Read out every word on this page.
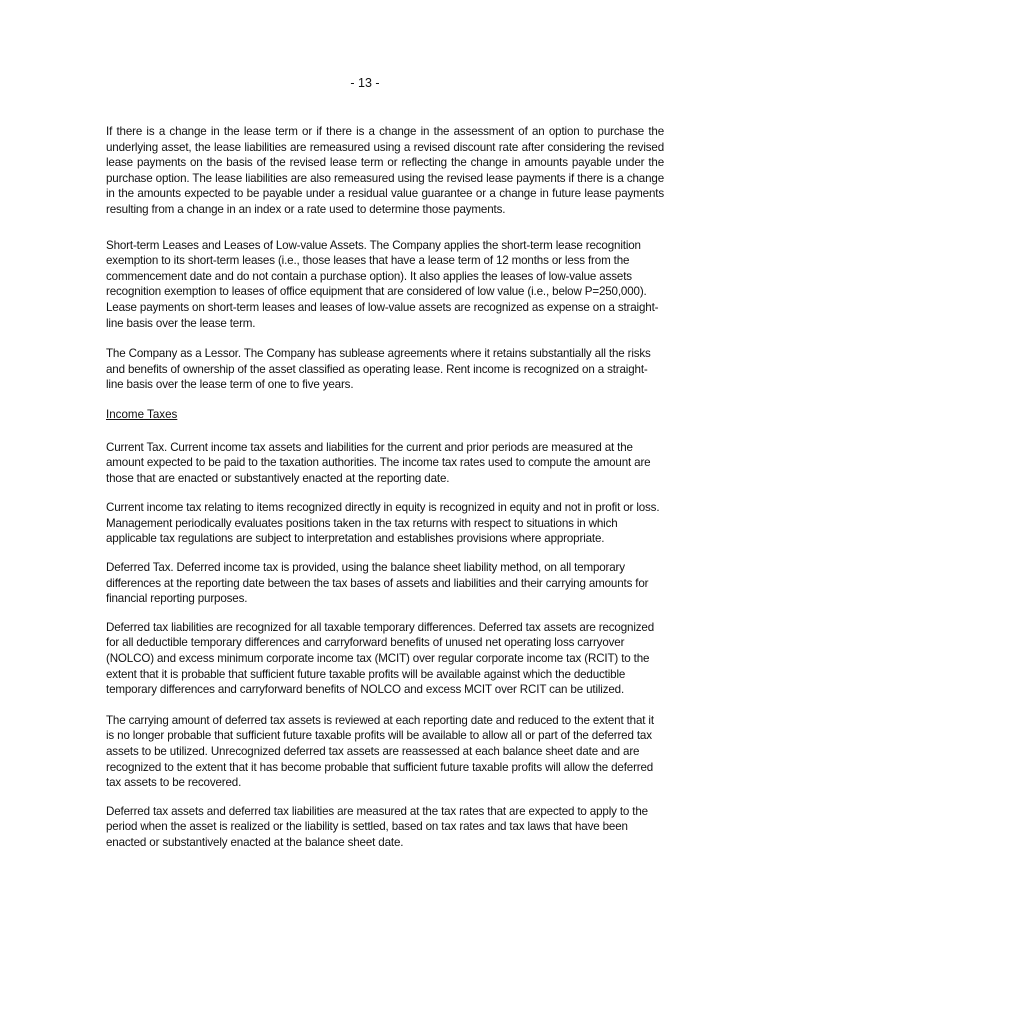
- 13 -

If there is a change in the lease term or if there is a change in the assessment of an option to purchase the underlying asset, the lease liabilities are remeasured using a revised discount rate after considering the revised lease payments on the basis of the revised lease term or reflecting the change in amounts payable under the purchase option. The lease liabilities are also remeasured using the revised lease payments if there is a change in the amounts expected to be payable under a residual value guarantee or a change in future lease payments resulting from a change in an index or a rate used to determine those payments.

Short-term Leases and Leases of Low-value Assets. The Company applies the short-term lease recognition exemption to its short-term leases (i.e., those leases that have a lease term of 12 months or less from the commencement date and do not contain a purchase option). It also applies the leases of low-value assets recognition exemption to leases of office equipment that are considered of low value (i.e., below P=250,000). Lease payments on short-term leases and leases of low-value assets are recognized as expense on a straight-line basis over the lease term.

The Company as a Lessor. The Company has sublease agreements where it retains substantially all the risks and benefits of ownership of the asset classified as operating lease. Rent income is recognized on a straight-line basis over the lease term of one to five years.

Income Taxes

Current Tax. Current income tax assets and liabilities for the current and prior periods are measured at the amount expected to be paid to the taxation authorities. The income tax rates used to compute the amount are those that are enacted or substantively enacted at the reporting date.

Current income tax relating to items recognized directly in equity is recognized in equity and not in profit or loss. Management periodically evaluates positions taken in the tax returns with respect to situations in which applicable tax regulations are subject to interpretation and establishes provisions where appropriate.

Deferred Tax. Deferred income tax is provided, using the balance sheet liability method, on all temporary differences at the reporting date between the tax bases of assets and liabilities and their carrying amounts for financial reporting purposes.

Deferred tax liabilities are recognized for all taxable temporary differences. Deferred tax assets are recognized for all deductible temporary differences and carryforward benefits of unused net operating loss carryover (NOLCO) and excess minimum corporate income tax (MCIT) over regular corporate income tax (RCIT) to the extent that it is probable that sufficient future taxable profits will be available against which the deductible temporary differences and carryforward benefits of NOLCO and excess MCIT over RCIT can be utilized.

The carrying amount of deferred tax assets is reviewed at each reporting date and reduced to the extent that it is no longer probable that sufficient future taxable profits will be available to allow all or part of the deferred tax assets to be utilized. Unrecognized deferred tax assets are reassessed at each balance sheet date and are recognized to the extent that it has become probable that sufficient future taxable profits will allow the deferred tax assets to be recovered.

Deferred tax assets and deferred tax liabilities are measured at the tax rates that are expected to apply to the period when the asset is realized or the liability is settled, based on tax rates and tax laws that have been enacted or substantively enacted at the balance sheet date.
